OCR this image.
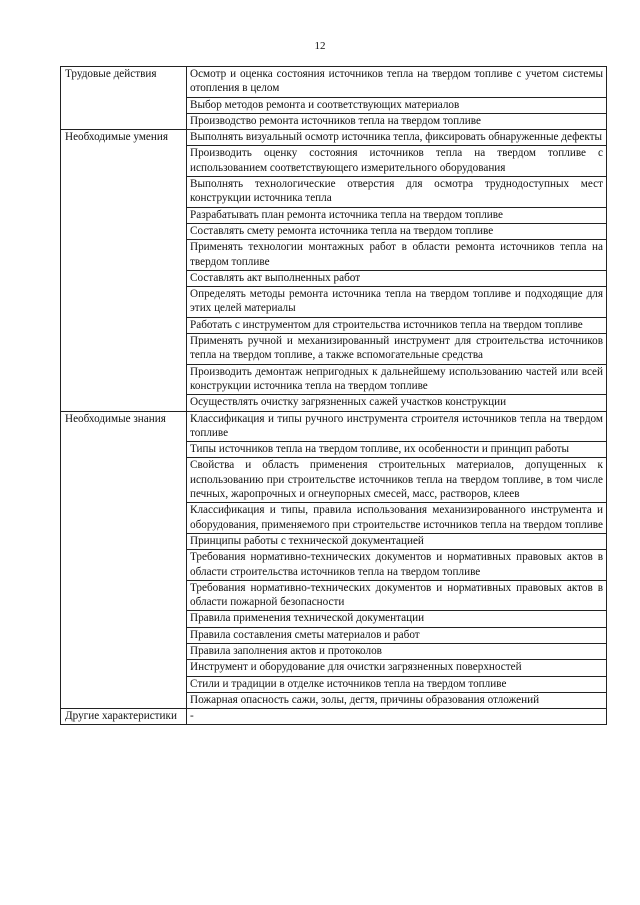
12
Трудовые действия	Осмотр и оценка состояния источников тепла на твердом топливе с учетом системы отопления в целом
	Выбор методов ремонта и соответствующих материалов
	Производство ремонта источников тепла на твердом топливе
Необходимые умения	Выполнять визуальный осмотр источника тепла, фиксировать обнаруженные дефекты
	Производить оценку состояния источников тепла на твердом топливе с использованием соответствующего измерительного оборудования
	Выполнять технологические отверстия для осмотра труднодоступных мест конструкции источника тепла
	Разрабатывать план ремонта источника тепла на твердом топливе
	Составлять смету ремонта источника тепла на твердом топливе
	Применять технологии монтажных работ в области ремонта источников тепла на твердом топливе
	Составлять акт выполненных работ
	Определять методы ремонта источника тепла на твердом топливе и подходящие для этих целей материалы
	Работать с инструментом для строительства источников тепла на твердом топливе
	Применять ручной и механизированный инструмент для строительства источников тепла на твердом топливе, а также вспомогательные средства
	Производить демонтаж непригодных к дальнейшему использованию частей или всей конструкции источника тепла на твердом топливе
	Осуществлять очистку загрязненных сажей участков конструкции
Необходимые знания	Классификация и типы ручного инструмента строителя источников тепла на твердом топливе
	Типы источников тепла на твердом топливе, их особенности и принцип работы
	Свойства и область применения строительных материалов, допущенных к использованию при строительстве источников тепла на твердом топливе, в том числе печных, жаропрочных и огнеупорных смесей, масс, растворов, клеев
	Классификация и типы, правила использования механизированного инструмента и оборудования, применяемого при строительстве источников тепла на твердом топливе
	Принципы работы с технической документацией
	Требования нормативно-технических документов и нормативных правовых актов в области строительства источников тепла на твердом топливе
	Требования нормативно-технических документов и нормативных правовых актов в области пожарной безопасности
	Правила применения технической документации
	Правила составления сметы материалов и работ
	Правила заполнения актов и протоколов
	Инструмент и оборудование для очистки загрязненных поверхностей
	Стили и традиции в отделке источников тепла на твердом топливе
	Пожарная опасность сажи, золы, дегтя, причины образования отложений
Другие характеристики	-
